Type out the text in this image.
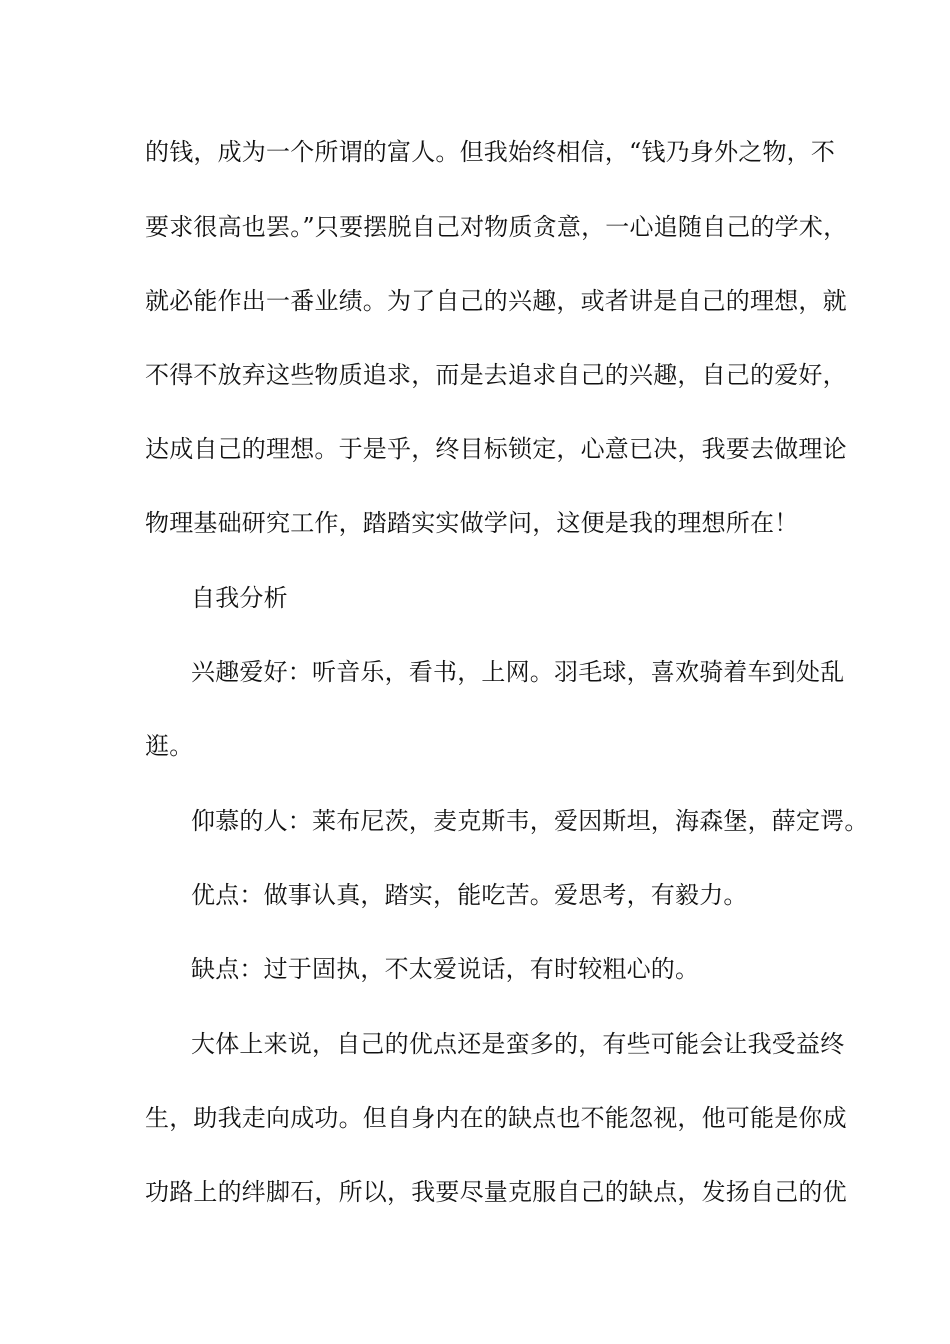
的钱，成为一个所谓的富人。但我始终相信，“钱乃身外之物，不
要求很高也罢。”只要摆脱自己对物质贪意，一心追随自己的学术，
就必能作出一番业绩。为了自己的兴趣，或者讲是自己的理想，就
不得不放弃这些物质追求，而是去追求自己的兴趣，自己的爱好，
达成自己的理想。于是乎，终目标锁定，心意已决，我要去做理论
物理基础研究工作，踏踏实实做学问，这便是我的理想所在！
自我分析
兴趣爱好：听音乐，看书，上网。羽毛球，喜欢骑着车到处乱
逛。
仰慕的人：莱布尼茨，麦克斯韦，爱因斯坦，海森堡，薛定谔。
优点：做事认真，踏实，能吃苦。爱思考，有毅力。
缺点：过于固执，不太爱说话，有时较粗心的。
大体上来说，自己的优点还是蛮多的，有些可能会让我受益终
生，助我走向成功。但自身内在的缺点也不能忽视，他可能是你成
功路上的绊脚石，所以，我要尽量克服自己的缺点，发扬自己的优
